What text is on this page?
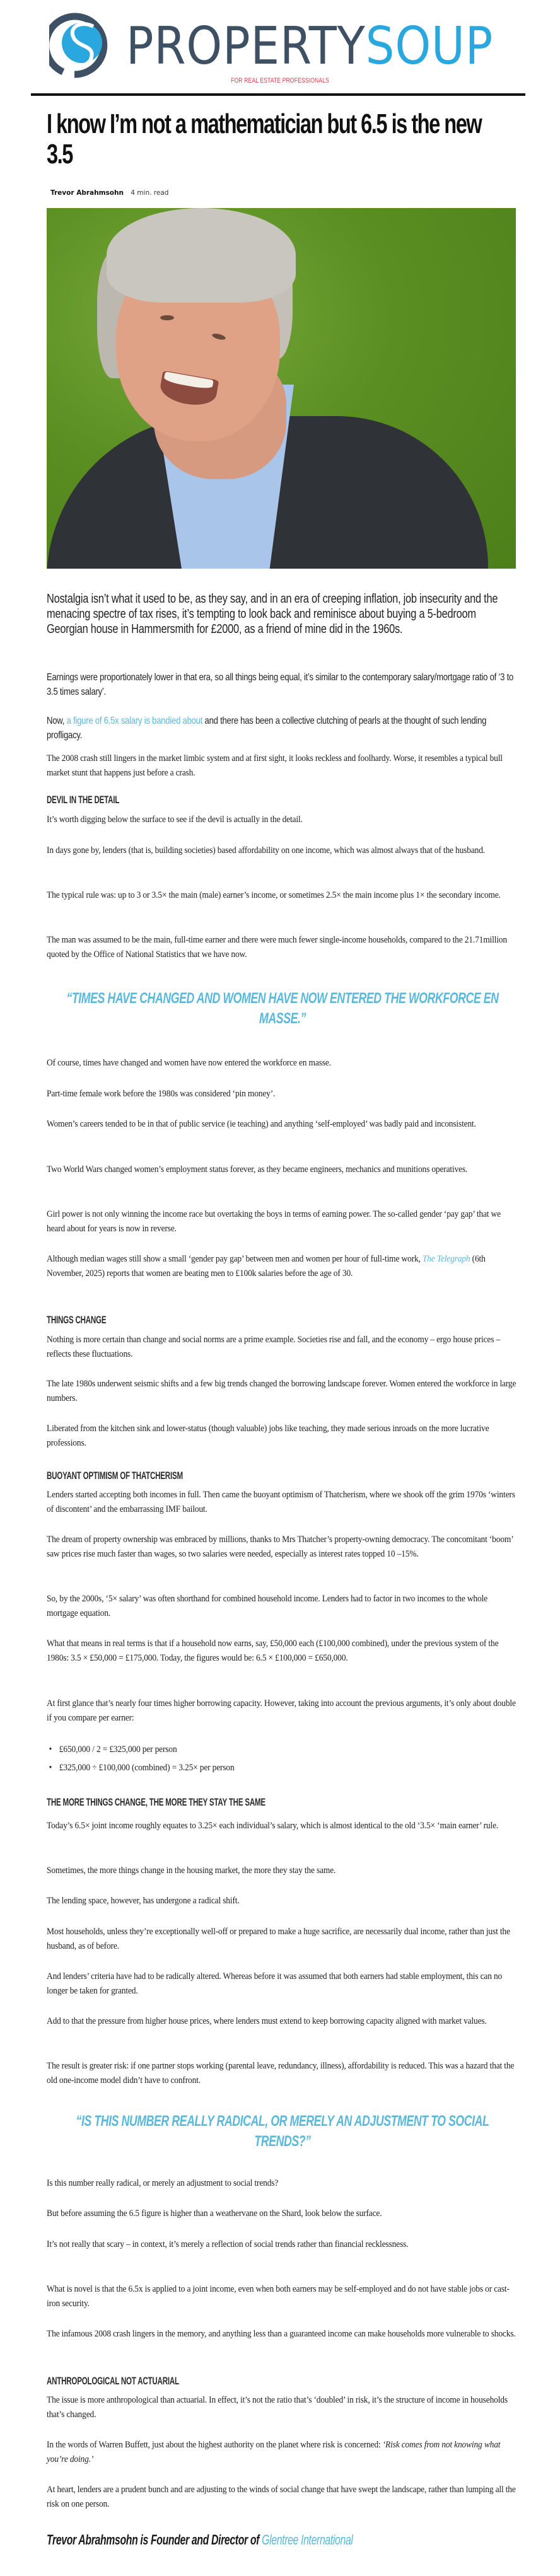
PROPERTY SOUP
FOR REAL ESTATE PROFESSIONALS
I know I’m not a mathematician but 6.5 is the new 3.5
Trevor Abrahmsohn 4 min. read
Nostalgia isn’t what it used to be, as they say, and in an era of creeping inflation, job insecurity and the menacing spectre of tax rises, it’s tempting to look back and reminisce about buying a 5-bedroom Georgian house in Hammersmith for £2000, as a friend of mine did in the 1960s.
Earnings were proportionately lower in that era, so all things being equal, it’s similar to the contemporary salary/mortgage ratio of ‘3 to 3.5 times salary’.
Now, a figure of 6.5x salary is bandied about and there has been a collective clutching of pearls at the thought of such lending profligacy.

The 2008 crash still lingers in the market limbic system and at first sight, it looks reckless and foolhardy. Worse, it resembles a typical bull market stunt that happens just before a crash.

DEVIL IN THE DETAIL

It’s worth digging below the surface to see if the devil is actually in the detail.

In days gone by, lenders (that is, building societies) based affordability on one income, which was almost always that of the husband.

The typical rule was: up to 3 or 3.5× the main (male) earner’s income, or sometimes 2.5× the main income plus 1× the secondary income.

The man was assumed to be the main, full-time earner and there were much fewer single-income households, compared to the 21.71million quoted by the Office of National Statistics that we have now.

“TIMES HAVE CHANGED AND WOMEN HAVE NOW ENTERED THE WORKFORCE EN MASSE.”

Of course, times have changed and women have now entered the workforce en masse.

Part-time female work before the 1980s was considered ‘pin money’.

Women’s careers tended to be in that of public service (ie teaching) and anything ‘self-employed’ was badly paid and inconsistent.

Two World Wars changed women’s employment status forever, as they became engineers, mechanics and munitions operatives.

Girl power is not only winning the income race but overtaking the boys in terms of earning power. The so-called gender ‘pay gap’ that we heard about for years is now in reverse.

Although median wages still show a small ‘gender pay gap’ between men and women per hour of full-time work, The Telegraph (6th November, 2025) reports that women are beating men to £100k salaries before the age of 30.

THINGS CHANGE

Nothing is more certain than change and social norms are a prime example. Societies rise and fall, and the economy – ergo house prices – reflects these fluctuations.

The late 1980s underwent seismic shifts and a few big trends changed the borrowing landscape forever. Women entered the workforce in large numbers.

Liberated from the kitchen sink and lower-status (though valuable) jobs like teaching, they made serious inroads on the more lucrative professions.

BUOYANT OPTIMISM OF THATCHERISM

Lenders started accepting both incomes in full. Then came the buoyant optimism of Thatcherism, where we shook off the grim 1970s ‘winters of discontent’ and the embarrassing IMF bailout.

The dream of property ownership was embraced by millions, thanks to Mrs Thatcher’s property-owning democracy. The concomitant ‘boom’ saw prices rise much faster than wages, so two salaries were needed, especially as interest rates topped 10 –15%.

So, by the 2000s, ‘5× salary’ was often shorthand for combined household income. Lenders had to factor in two incomes to the whole mortgage equation.

What that means in real terms is that if a household now earns, say, £50,000 each (£100,000 combined), under the previous system of the 1980s: 3.5 × £50,000 = £175,000. Today, the figures would be: 6.5 × £100,000 = £650,000.

At first glance that’s nearly four times higher borrowing capacity. However, taking into account the previous arguments, it’s only about double if you compare per earner:

• £650,000 / 2 = £325,000 per person
• £325,000 ÷ £100,000 (combined) = 3.25× per person
THE MORE THINGS CHANGE, THE MORE THEY STAY THE SAME

Today’s 6.5× joint income roughly equates to 3.25× each individual’s salary, which is almost identical to the old ‘3.5× ‘main earner’ rule.

Sometimes, the more things change in the housing market, the more they stay the same.

The lending space, however, has undergone a radical shift.

Most households, unless they’re exceptionally well-off or prepared to make a huge sacrifice, are necessarily dual income, rather than just the husband, as of before.

And lenders’ criteria have had to be radically altered. Whereas before it was assumed that both earners had stable employment, this can no longer be taken for granted.

Add to that the pressure from higher house prices, where lenders must extend to keep borrowing capacity aligned with market values.

The result is greater risk: if one partner stops working (parental leave, redundancy, illness), affordability is reduced. This was a hazard that the old one-income model didn’t have to confront.

“IS THIS NUMBER REALLY RADICAL, OR MERELY AN ADJUSTMENT TO SOCIAL TRENDS?”

Is this number really radical, or merely an adjustment to social trends?

But before assuming the 6.5 figure is higher than a weathervane on the Shard, look below the surface.

It’s not really that scary – in context, it’s merely a reflection of social trends rather than financial recklessness.

What is novel is that the 6.5x is applied to a joint income, even when both earners may be self-employed and do not have stable jobs or cast-iron security.

The infamous 2008 crash lingers in the memory, and anything less than a guaranteed income can make households more vulnerable to shocks.

ANTHROPOLOGICAL NOT ACTUARIAL

The issue is more anthropological than actuarial. In effect, it’s not the ratio that’s ‘doubled’ in risk, it’s the structure of income in households that’s changed.

In the words of Warren Buffett, just about the highest authority on the planet where risk is concerned: ‘Risk comes from not knowing what you’re doing.’

At heart, lenders are a prudent bunch and are adjusting to the winds of social change that have swept the landscape, rather than lumping all the risk on one person.

Trevor Abrahmsohn is Founder and Director of Glentree International
